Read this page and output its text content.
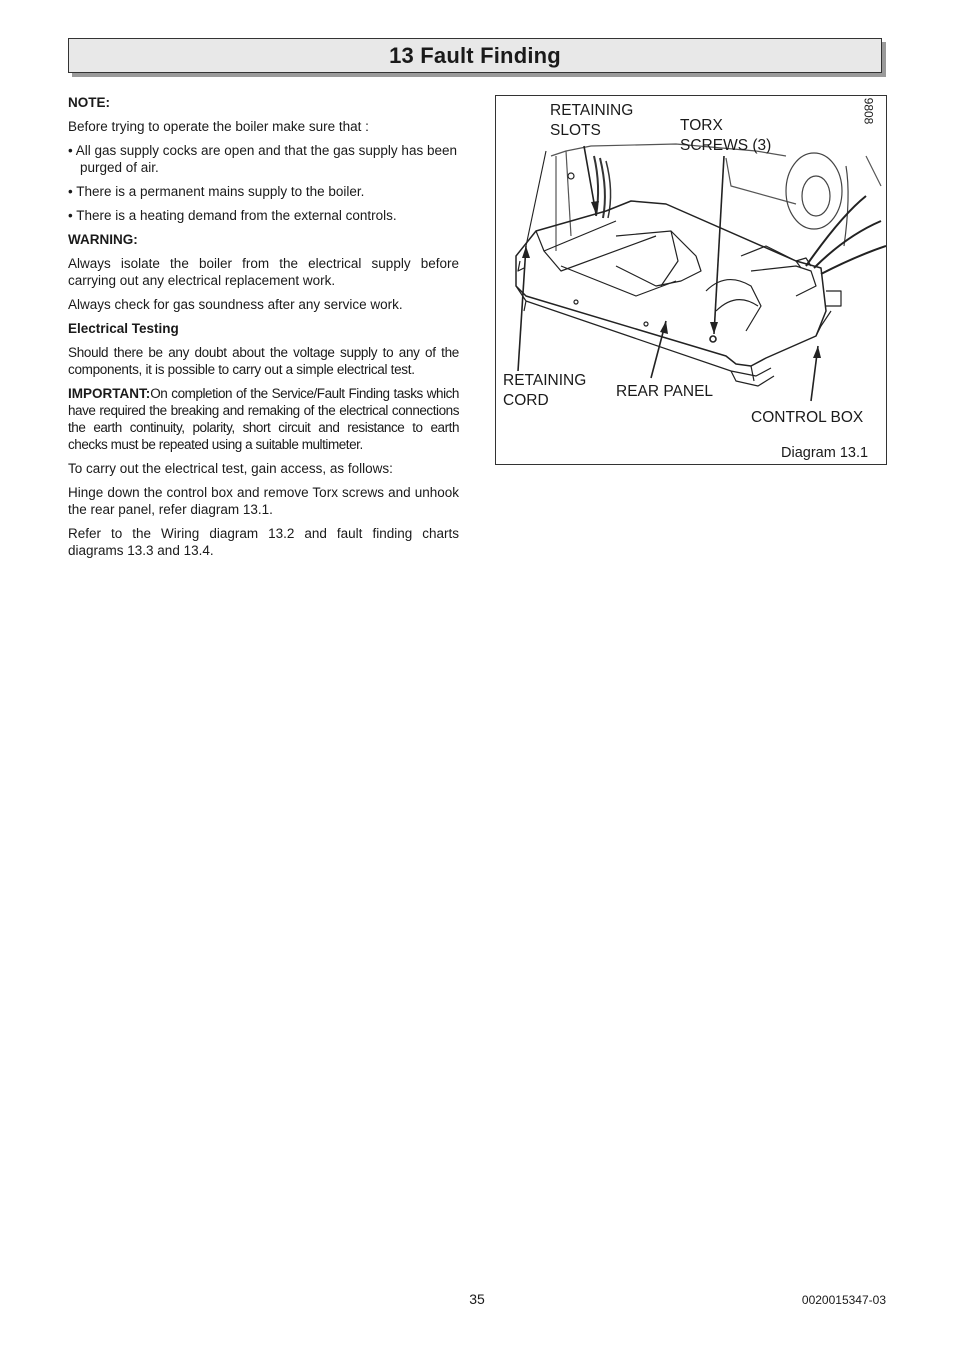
13 Fault Finding

NOTE:

Before trying to operate the boiler make sure that :

• All gas supply cocks are open and that the gas supply has been purged of air.

• There is a permanent mains supply to the boiler.

• There is a heating demand from the external controls.

WARNING:

Always isolate the boiler from the electrical supply before carrying out any electrical replacement work.

Always check for gas soundness after any service work.

Electrical Testing

Should there be any doubt about the voltage supply to any of the components, it is possible to carry out a simple electrical test.

IMPORTANT:On completion of the Service/Fault Finding tasks which have required the breaking and remaking of the electrical connections the earth continuity, polarity, short circuit and resistance to earth checks must be repeated using a suitable multimeter.

To carry out the electrical test, gain access, as follows:

Hinge down the control box and remove Torx screws and unhook the rear panel, refer diagram 13.1.

Refer to the Wiring diagram 13.2 and fault finding charts diagrams 13.3 and 13.4.

9808
RETAINING
SLOTS	TORX
SCREWS (3)
RETAINING
CORD
REAR PANEL
CONTROL BOX
Diagram 13.1
35	0020015347-03
